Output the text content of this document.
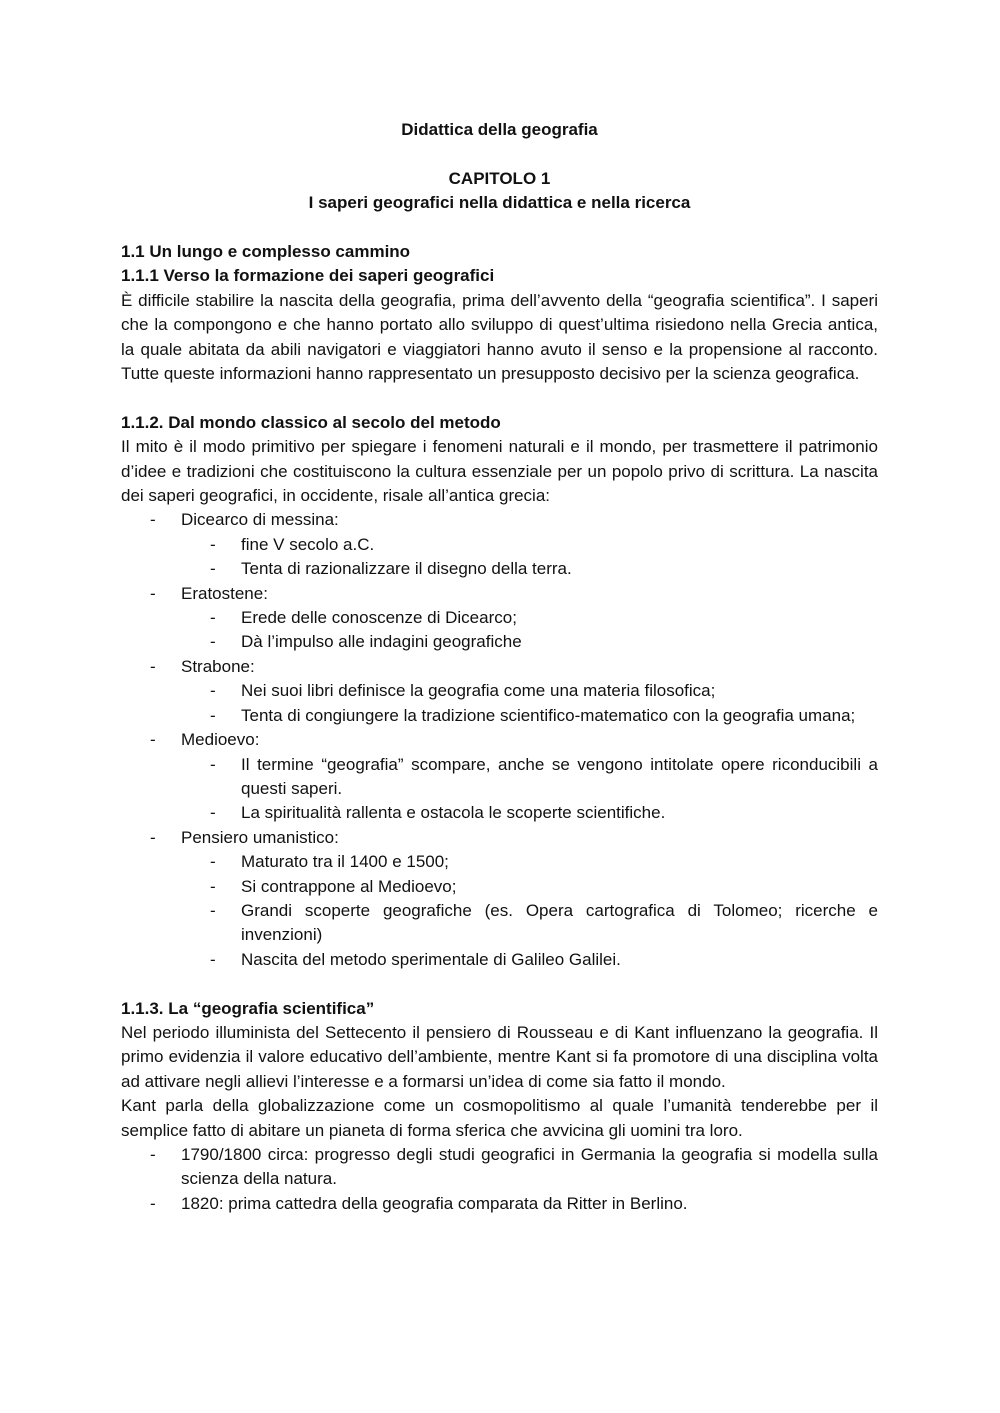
Didattica della geografia
CAPITOLO 1
I saperi geografici nella didattica e nella ricerca
1.1 Un lungo e complesso cammino
1.1.1 Verso la formazione dei saperi geografici

È difficile stabilire la nascita della geografia, prima dell’avvento della “geografia scientifica”. I saperi che la compongono e che hanno portato allo sviluppo di quest’ultima risiedono nella Grecia antica, la quale abitata da abili navigatori e viaggiatori hanno avuto il senso e la propensione al racconto. Tutte queste informazioni hanno rappresentato un presupposto decisivo per la scienza geografica.

1.1.2. Dal mondo classico al secolo del metodo

Il mito è il modo primitivo per spiegare i fenomeni naturali e il mondo, per trasmettere il patrimonio d’idee e tradizioni che costituiscono la cultura essenziale per un popolo privo di scrittura. La nascita dei saperi geografici, in occidente, risale all’antica grecia:

- Dicearco di messina:
- fine V secolo a.C.
- Tenta di razionalizzare il disegno della terra.
- Eratostene:
- Erede delle conoscenze di Dicearco;
- Dà l’impulso alle indagini geografiche
- Strabone:
- Nei suoi libri definisce la geografia come una materia filosofica;
- Tenta di congiungere la tradizione scientifico-matematico con la geografia umana;
- Medioevo:
- Il termine “geografia” scompare, anche se vengono intitolate opere riconducibili a questi saperi.
- La spiritualità rallenta e ostacola le scoperte scientifiche.
- Pensiero umanistico:
- Maturato tra il 1400 e 1500;
- Si contrappone al Medioevo;
- Grandi scoperte geografiche (es. Opera cartografica di Tolomeo; ricerche e invenzioni)
- Nascita del metodo sperimentale di Galileo Galilei.
1.1.3. La “geografia scientifica”

Nel periodo illuminista del Settecento il pensiero di Rousseau e di Kant influenzano la geografia. Il primo evidenzia il valore educativo dell’ambiente, mentre Kant si fa promotore di una disciplina volta ad attivare negli allievi l’interesse e a formarsi un’idea di come sia fatto il mondo.

Kant parla della globalizzazione come un cosmopolitismo al quale l’umanità tenderebbe per il semplice fatto di abitare un pianeta di forma sferica che avvicina gli uomini tra loro.

- 1790/1800 circa: progresso degli studi geografici in Germania la geografia si modella sulla scienza della natura.
- 1820: prima cattedra della geografia comparata da Ritter in Berlino.
